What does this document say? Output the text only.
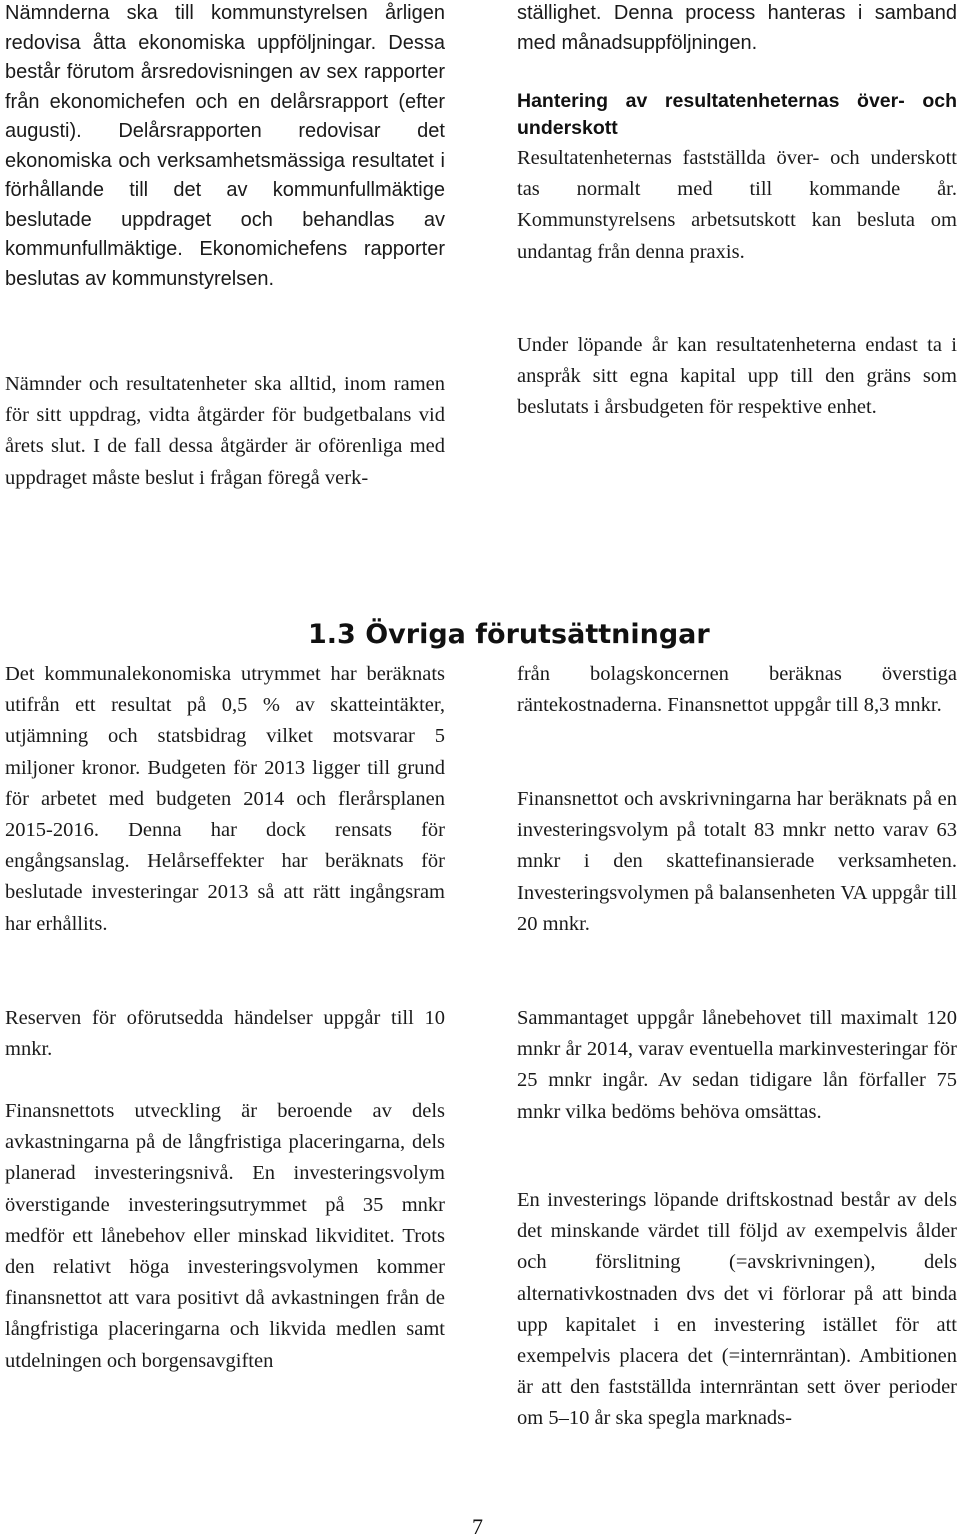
Nämnderna ska till kommunstyrelsen årligen redovisa åtta ekonomiska uppföljningar. Dessa består förutom årsredovisningen av sex rapporter från ekonomichefen och en delårsrapport (efter augusti). Delårsrapporten redovisar det ekonomiska och verksamhetsmässiga resultatet i förhållande till det av kommunfullmäktige beslutade uppdraget och behandlas av kommunfullmäktige. Ekonomichefens rapporter beslutas av kommunstyrelsen.

Nämnder och resultatenheter ska alltid, inom ramen för sitt uppdrag, vidta åtgärder för budgetbalans vid årets slut. I de fall dessa åtgärder är oförenliga med uppdraget måste beslut i frågan föregå verk-

ställighet. Denna process hanteras i samband med månadsuppföljningen.

Hantering av resultatenheternas över- och underskott

Resultatenheternas fastställda över- och underskott tas normalt med till kommande år. Kommunstyrelsens arbetsutskott kan besluta om undantag från denna praxis.

Under löpande år kan resultatenheterna endast ta i anspråk sitt egna kapital upp till den gräns som beslutats i årsbudgeten för respektive enhet.

1.3 Övriga förutsättningar

Det kommunalekonomiska utrymmet har beräknats utifrån ett resultat på 0,5 % av skatteintäkter, utjämning och statsbidrag vilket motsvarar 5 miljoner kronor. Budgeten för 2013 ligger till grund för arbetet med budgeten 2014 och flerårsplanen 2015-2016. Denna har dock rensats för engångsanslag. Helårseffekter har beräknats för beslutade investeringar 2013 så att rätt ingångsram har erhållits.

Reserven för oförutsedda händelser uppgår till 10 mnkr.

Finansnettots utveckling är beroende av dels avkastningarna på de långfristiga placeringarna, dels planerad investeringsnivå. En investeringsvolym överstigande investeringsutrymmet på 35 mnkr medför ett lånebehov eller minskad likviditet. Trots den relativt höga investeringsvolymen kommer finansnettot att vara positivt då avkastningen från de långfristiga placeringarna och likvida medlen samt utdelningen och borgensavgiften

från bolagskoncernen beräknas överstiga räntekostnaderna. Finansnettot uppgår till 8,3 mnkr.

Finansnettot och avskrivningarna har beräknats på en investeringsvolym på totalt 83 mnkr netto varav 63 mnkr i den skattefinansierade verksamheten. Investeringsvolymen på balansenheten VA uppgår till 20 mnkr.

Sammantaget uppgår lånebehovet till maximalt 120 mnkr år 2014, varav eventuella markinvesteringar för 25 mnkr ingår. Av sedan tidigare lån förfaller 75 mnkr vilka bedöms behöva omsättas.

En investerings löpande driftskostnad består av dels det minskande värdet till följd av exempelvis ålder och förslitning (=avskrivningen), dels alternativkostnaden dvs det vi förlorar på att binda upp kapitalet i en investering istället för att exempelvis placera det (=internräntan). Ambitionen är att den fastställda internräntan sett över perioder om 5–10 år ska spegla marknads-

7
